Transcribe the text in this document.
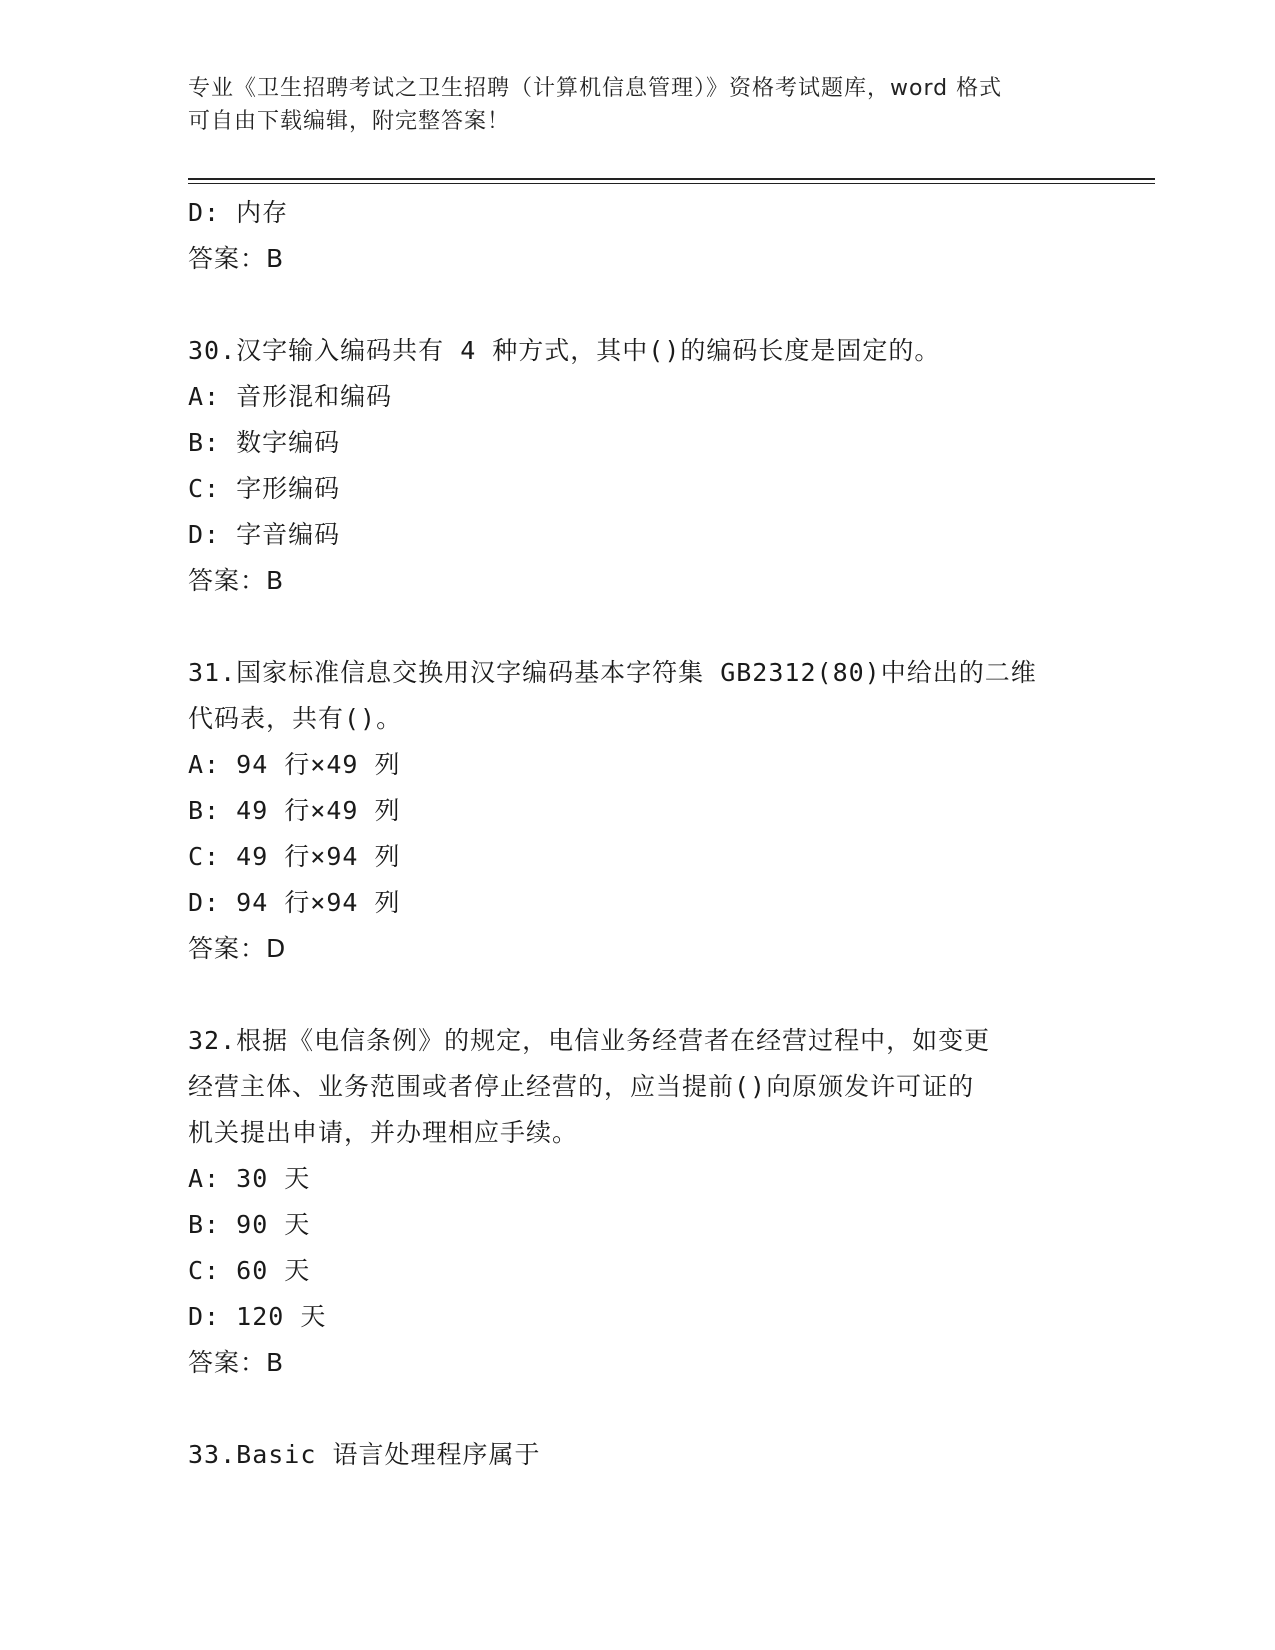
专业《卫生招聘考试之卫生招聘（计算机信息管理）》资格考试题库，word 格式
可自由下载编辑，附完整答案！
D: 内存
答案：B
30.汉字输入编码共有 4 种方式，其中()的编码长度是固定的。
A: 音形混和编码
B: 数字编码
C: 字形编码
D: 字音编码
答案：B
31.国家标准信息交换用汉字编码基本字符集 GB2312(80)中给出的二维
代码表，共有()。
A: 94 行×49 列
B: 49 行×49 列
C: 49 行×94 列
D: 94 行×94 列
答案：D
32.根据《电信条例》的规定，电信业务经营者在经营过程中，如变更
经营主体、业务范围或者停止经营的，应当提前()向原颁发许可证的
机关提出申请，并办理相应手续。
A: 30 天
B: 90 天
C: 60 天
D: 120 天
答案：B
33.Basic 语言处理程序属于
